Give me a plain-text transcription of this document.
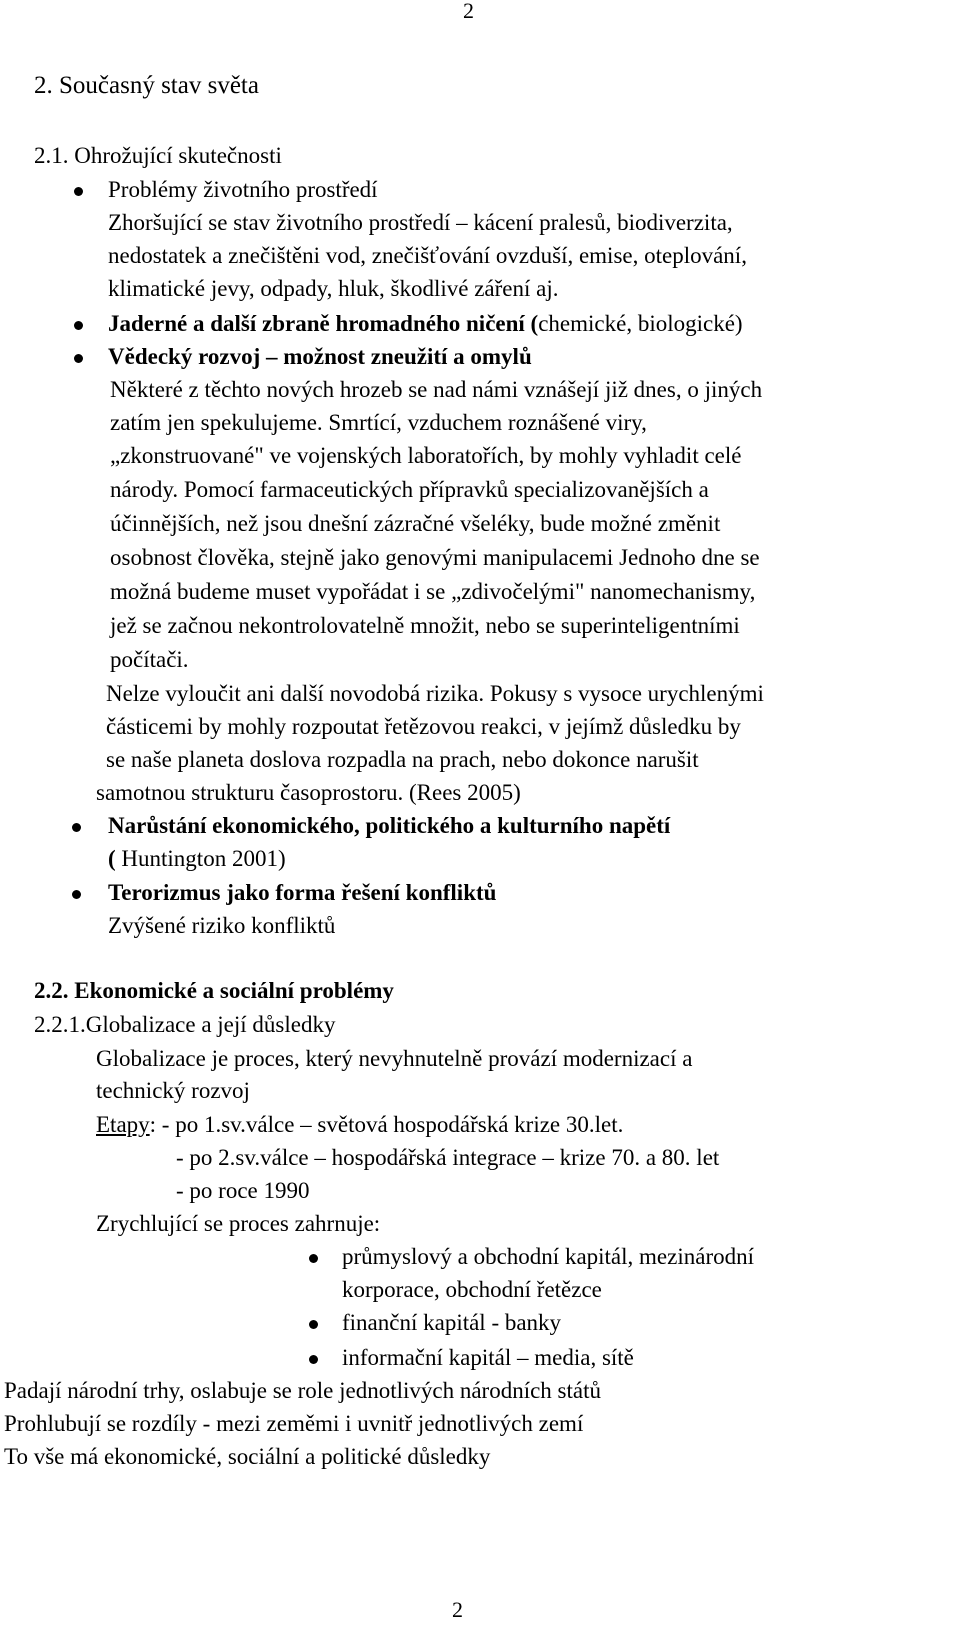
2
2. Současný stav světa
2.1. Ohrožující skutečnosti
Problémy životního prostředí
Zhoršující se stav životního prostředí – kácení pralesů, biodiverzita,
nedostatek a znečištěni vod, znečišťování ovzduší, emise, oteplování,
klimatické jevy, odpady, hluk, škodlivé záření aj.
Jaderné a další zbraně hromadného ničení (chemické, biologické)
Vědecký rozvoj – možnost zneužití a omylů
Některé z těchto nových hrozeb se nad námi vznášejí již dnes, o jiných
zatím jen spekulujeme. Smrtící, vzduchem roznášené viry,
„zkonstruované" ve vojenských laboratořích, by mohly vyhladit celé
národy. Pomocí farmaceutických přípravků specializovanějších a
účinnějších, než jsou dnešní zázračné všeléky, bude možné změnit
osobnost člověka, stejně jako genovými manipulacemi Jednoho dne se
možná budeme muset vypořádat i se „zdivočelými" nanomechanismy,
jež se začnou nekontrolovatelně množit, nebo se superinteligentními
počítači.
Nelze vyloučit ani další novodobá rizika. Pokusy s vysoce urychlenými
částicemi by mohly rozpoutat řetězovou reakci, v jejímž důsledku by
se naše planeta doslova rozpadla na prach, nebo dokonce narušit
samotnou strukturu časoprostoru. (Rees 2005)
Narůstání ekonomického, politického a kulturního napětí
( Huntington 2001)
Terorizmus jako forma řešení konfliktů
Zvýšené riziko konfliktů
2.2. Ekonomické a sociální problémy
2.2.1.Globalizace a její důsledky
Globalizace je proces, který nevyhnutelně provází modernizací a
technický rozvoj
Etapy: - po 1.sv.válce – světová hospodářská krize 30.let.
- po 2.sv.válce – hospodářská integrace – krize 70. a 80. let
- po roce 1990
Zrychlující se proces zahrnuje:
průmyslový a obchodní kapitál, mezinárodní
korporace, obchodní řetězce
finanční kapitál - banky
informační kapitál – media, sítě
Padají národní trhy, oslabuje se role jednotlivých národních států
Prohlubují se rozdíly - mezi zeměmi i uvnitř jednotlivých zemí
To vše má ekonomické, sociální a politické důsledky
2
